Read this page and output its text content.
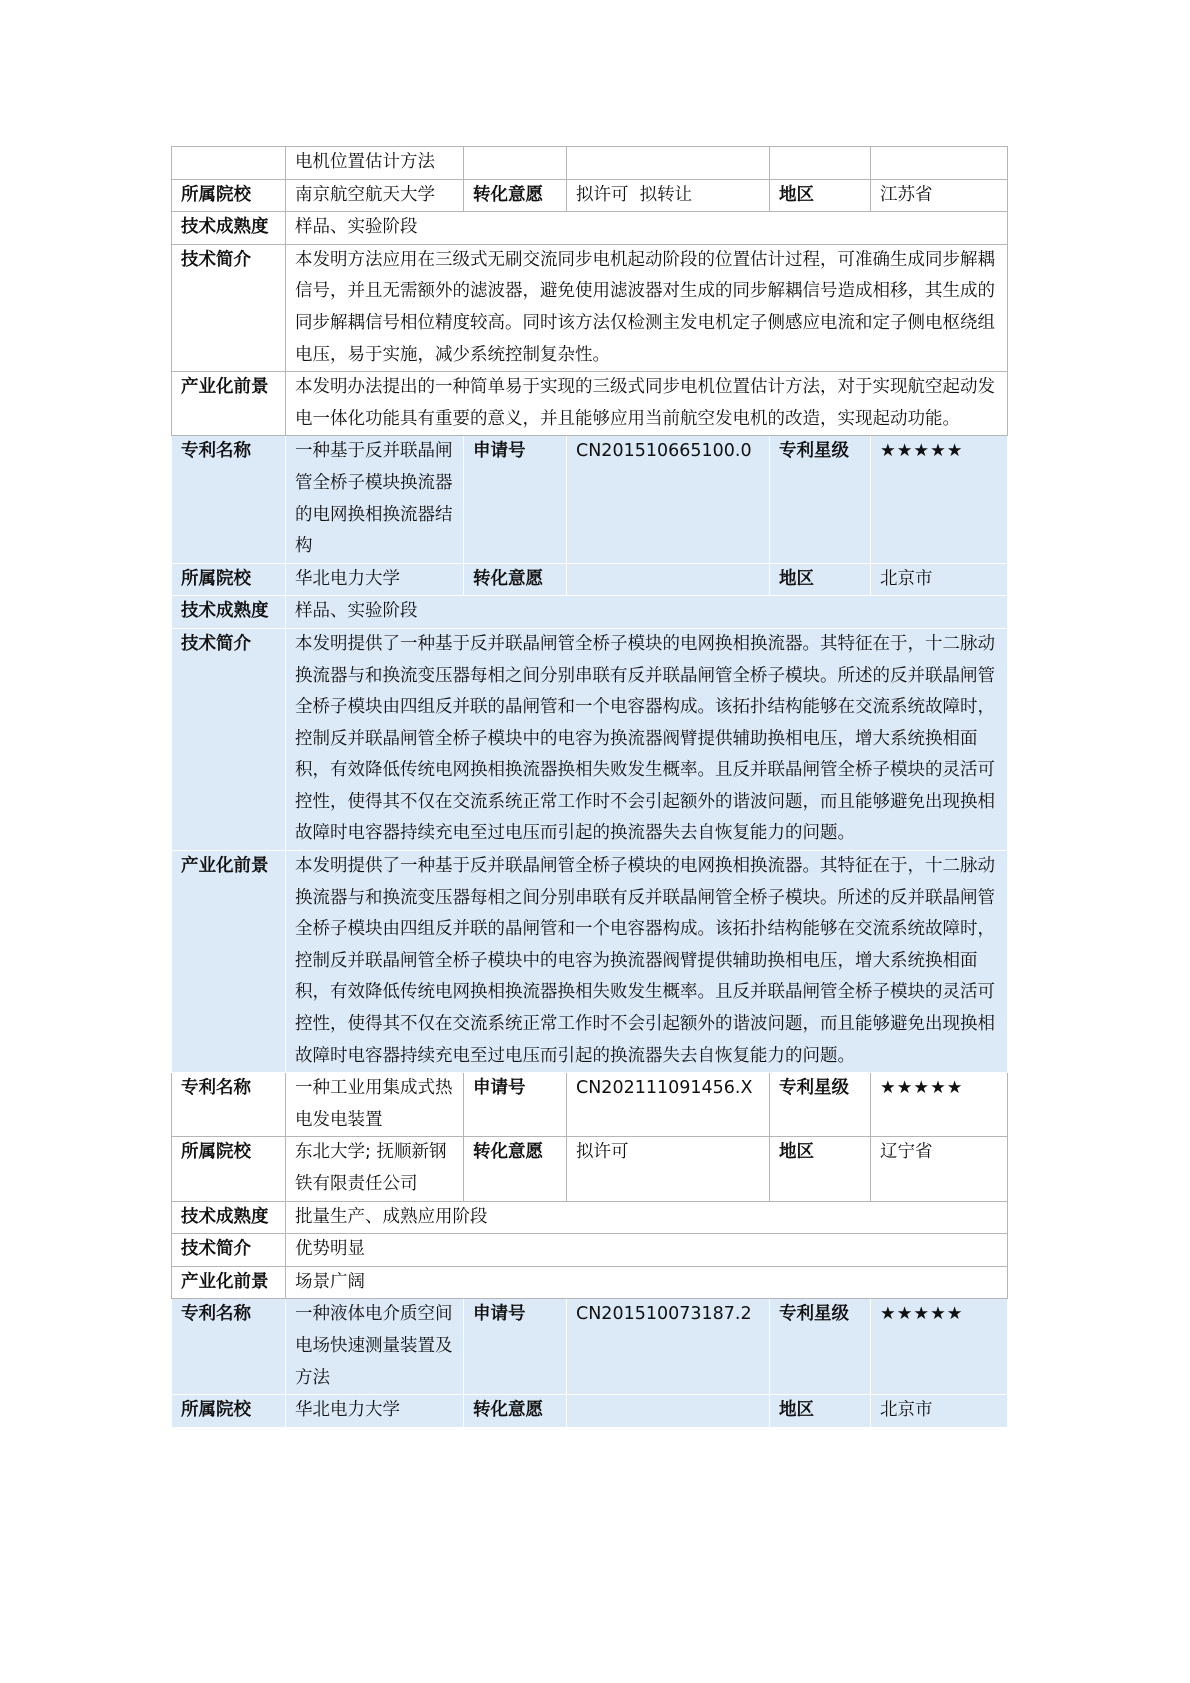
	电机位置估计方法				
所属院校	南京航空航天大学	转化意愿	拟许可  拟转让	地区	江苏省
技术成熟度	样品、实验阶段				
技术简介	本发明方法应用在三级式无刷交流同步电机起动阶段的位置估计过程，可准确生成同步解耦信号，并且无需额外的滤波器，避免使用滤波器对生成的同步解耦信号造成相移，其生成的同步解耦信号相位精度较高。同时该方法仅检测主发电机定子侧感应电流和定子侧电枢绕组电压，易于实施，减少系统控制复杂性。				
产业化前景	本发明办法提出的一种简单易于实现的三级式同步电机位置估计方法，对于实现航空起动发电一体化功能具有重要的意义，并且能够应用当前航空发电机的改造，实现起动功能。				
专利名称	一种基于反并联晶闸管全桥子模块换流器的电网换相换流器结构	申请号	CN201510665100.0	专利星级	★★★★★
所属院校	华北电力大学	转化意愿		地区	北京市
技术成熟度	样品、实验阶段				
技术简介	本发明提供了一种基于反并联晶闸管全桥子模块的电网换相换流器。其特征在于，十二脉动换流器与和换流变压器每相之间分别串联有反并联晶闸管全桥子模块。所述的反并联晶闸管全桥子模块由四组反并联的晶闸管和一个电容器构成。该拓扑结构能够在交流系统故障时，控制反并联晶闸管全桥子模块中的电容为换流器阀臂提供辅助换相电压，增大系统换相面积，有效降低传统电网换相换流器换相失败发生概率。且反并联晶闸管全桥子模块的灵活可控性，使得其不仅在交流系统正常工作时不会引起额外的谐波问题，而且能够避免出现换相故障时电容器持续充电至过电压而引起的换流器失去自恢复能力的问题。				
产业化前景	本发明提供了一种基于反并联晶闸管全桥子模块的电网换相换流器。其特征在于，十二脉动换流器与和换流变压器每相之间分别串联有反并联晶闸管全桥子模块。所述的反并联晶闸管全桥子模块由四组反并联的晶闸管和一个电容器构成。该拓扑结构能够在交流系统故障时，控制反并联晶闸管全桥子模块中的电容为换流器阀臂提供辅助换相电压，增大系统换相面积，有效降低传统电网换相换流器换相失败发生概率。且反并联晶闸管全桥子模块的灵活可控性，使得其不仅在交流系统正常工作时不会引起额外的谐波问题，而且能够避免出现换相故障时电容器持续充电至过电压而引起的换流器失去自恢复能力的问题。				
专利名称	一种工业用集成式热电发电装置	申请号	CN202111091456.X	专利星级	★★★★★
所属院校	东北大学; 抚顺新钢铁有限责任公司	转化意愿	拟许可	地区	辽宁省
技术成熟度	批量生产、成熟应用阶段				
技术简介	优势明显				
产业化前景	场景广阔				
专利名称	一种液体电介质空间电场快速测量装置及方法	申请号	CN201510073187.2	专利星级	★★★★★
所属院校	华北电力大学	转化意愿		地区	北京市
